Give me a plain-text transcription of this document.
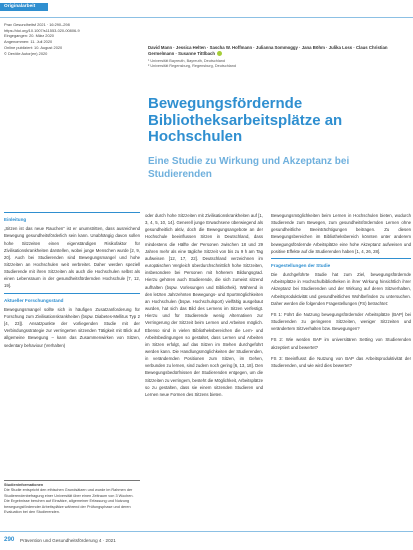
Originalarbeit
Prav Gesundheitsf 2021 · 16:290–298
https://doi.org/10.1007/s11553-020-00806-9
Eingegangen: 20. März 2020
Angenommen: 11. Juli 2020
Online publiziert: 10. August 2020
© Der/die Autor(en) 2020
David Mann · Jessica Helten · Sascha W. Hoffmann · Julianna Sommoggy · Jana Böhm · Julika Loss · Claus Christian Germelmann · Susanne Tittlbach
¹ Universität Bayreuth, Bayreuth, Deutschland
² Universität Regensburg, Regensburg, Deutschland
Bewegungsfördernde Bibliotheksarbeitsplätze an Hochschulen
Eine Studie zu Wirkung und Akzeptanz bei Studierenden
Einleitung

„Sitzen ist das neue Rauchen“ ist er unumstritten, dass ausreichend Bewegung gesundheitsförderlich sein kann. Unabhängig davon sollen hohe Sitzzeiten einen eigenständigen Risikofaktor für Zivilisationskrankheiten darstellen, wobei junge Menschen wurde [2, 9, 20]. Auch bei Studierenden sind Bewegungsmangel und hohe Sitzzeiten an Hochschulen weit verbreitet. Daher werden speziell Studierende mit ihren Sitzzeiten als auch die Hochschulen selbst als einen Lebensraum in der gesundheitsfördernden Hochschule [7, 12, 19].

Aktueller Forschungsstand

Bewegungsmangel sollte sich in häufigen Zusatzanforderung für Forschung zum Zivilisationskrankheiten (bspw. Diabetes-Mellitus Typ 2 [4, 23]). Ansatzpunkte der vorliegenden Studie mit der Verbindungsstrategie zur verringerten sitzenden Tätigkeit mit Blick auf allgemeine Bewegung – kann das Zusammenwirken von Sitzen, sedentary behaviour (Verhalten)

oder durch hohe Sitzzeiten mit Zivilisationskrankheiten auf [1, 3, 4, 5, 10, 14]. Generell junge Erwachsene überwiegend als gesundheitlich aktiv, doch die Bewegungsangebote an der Hochschule beeinflussen Sitzen in Deutschland, dass mindestens die Hälfte der Personen zwischen 18 und 29 Jahren mehr als eine tägliche Sitzzeit von bis zu 9 h am Tag aufweisen [12, 17, 22]. Deutschland verzeichnen im europäischen Vergleich überdurchschnittlich hohe Sitzzeiten, insbesondere bei Personen mit höherem Bildungsgrad. Hierzu gehören auch Studierende, die sich zumeist sitzend aufhalten (bspw. Vorlesungen und Bibliothek). Während in den letzten Jahrzehnten Bewegungs- und Sportmöglichkeiten an Hochschulen (bspw. Hochschulsport) vielfältig ausgebaut wurden, hat sich das Bild des Lernens im Sitzen verfestigt. Hierzu und für Studierende wenig Alternativen zur Verringerung der Sitzzeit beim Lernen und Arbeiten möglich. Ebenso sind in vielen Bibliotheksbereichen die Lern- und Arbeitsbedingungen so gestaltet, dass Lernen und Arbeiten im Sitzen erfolgt, auf das Sitzen im Stehen durchgeführt werden kann. Die Handlungsmöglichkeiten der Studierenden, in verändernden Positionen zum Sitzen, im Gehen, verbunden zu lernen, sind zudem noch gering [6, 13, 18]. Den Bewegungsbedürfnissen der Studierenden entgegen, um die Sitzzeiten zu verringern, besteht die Möglichkeit, Arbeitsplätze so zu gestalten, dass sie einem sitzenden Studieren und Lernen neue Formen des Sitzens bieten.

Bewegungsmöglichkeiten beim Lernen in Hochschulen bieten, wodurch Studierende zum Bewegen, zum gesundheitsfördernden Lernen ohne gesundheitliche Beeinträchtigungen beitragen. Zu diesen Bewegungsbereichen im Bibliotheksbereich könnten unter anderem bewegungsfördernde Arbeitsplätze eine hohe Akzeptanz aufweisen und positive Effekte auf die Studierenden haben [1, 4, 26, 28].

Fragestellungen der Studie

Die durchgeführte Studie hat zum Ziel, bewegungsfördernde Arbeitsplätze in Hochschulbibliotheken in ihrer Wirkung hinsichtlich ihrer Akzeptanz bei Studierenden und der Wirkung auf deren Sitzverhalten, Arbeitsproduktivität und gesundheitliches Wohlbefinden zu untersuchen. Daher werden die folgenden Fragestellungen (FS) betrachtet:

FS 1: Führt die Nutzung bewegungsfördernder Arbeitsplätze (BAP) bei Studierenden zu geringeren Sitzzeiten, weniger Sitzzeiten und verändertem Sitzverhalten bzw. Bewegungen?

FS 2: Wie werden BAP im universitären Setting von Studierenden akzeptiert und bewertet?

FS 3: Beeinflusst die Nutzung von BAP das Arbeitsproduktivität der Studierenden, und wie wird dies bewertet?

Studieninformationen
Die Studie entspricht den ethischen Grundsätzen und wurde im Rahmen der Studierendenbefragung einer Universität über einen Zeitraum von 3 Wochen. Die Ergebnisse beruhen auf Einsätze, allgemeiner Erfassung und Nutzung bewegungsfördernder Arbeitsplätze während der Prüfungsphase und deren Evaluation bei den Studierenden.
290 Prävention und Gesundheitsförderung 4 · 2021
